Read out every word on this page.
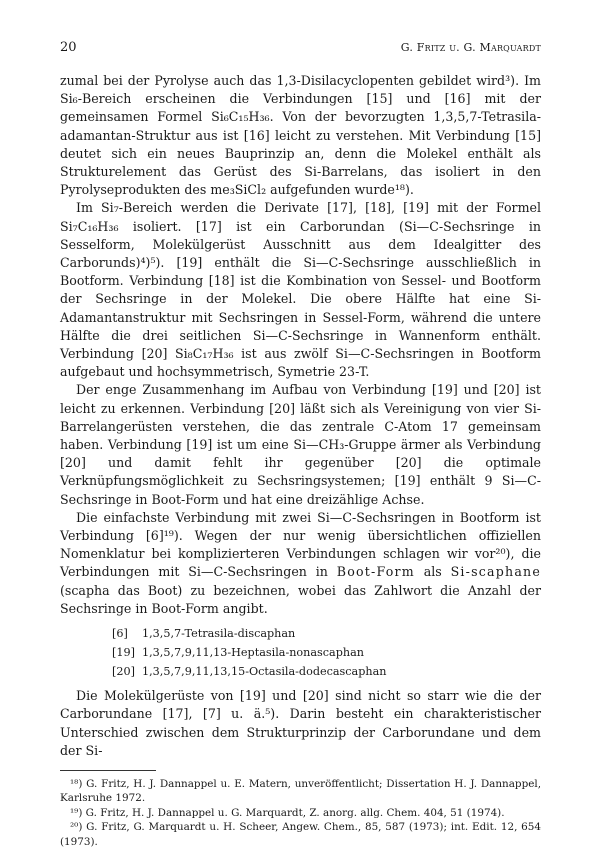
20	G. Fritz u. G. Marquardt

zumal bei der Pyrolyse auch das 1,3-Disilacyclopenten gebildet wird³). Im Si₆-Bereich erscheinen die Verbindungen [15] und [16] mit der gemeinsamen Formel Si₆C₁₅H₃₆. Von der bevorzugten 1,3,5,7-Tetrasila-adamantan-Struktur aus ist [16] leicht zu verstehen. Mit Verbindung [15] deutet sich ein neues Bauprinzip an, denn die Molekel enthält als Strukturelement das Gerüst des Si-Barrelans, das isoliert in den Pyrolyseprodukten des me₃SiCl₂ aufgefunden wurde¹⁸).

Im Si₇-Bereich werden die Derivate [17], [18], [19] mit der Formel Si₇C₁₆H₃₆ isoliert. [17] ist ein Carborundan (Si—C-Sechsringe in Sesselform, Molekülgerüst Ausschnitt aus dem Idealgitter des Carborunds)⁴)⁵). [19] enthält die Si—C-Sechsringe ausschließlich in Bootform. Verbindung [18] ist die Kombination von Sessel- und Bootform der Sechsringe in der Molekel. Die obere Hälfte hat eine Si-Adamantanstruktur mit Sechsringen in Sessel-Form, während die untere Hälfte die drei seitlichen Si—C-Sechsringe in Wannenform enthält. Verbindung [20] Si₈C₁₇H₃₆ ist aus zwölf Si—C-Sechsringen in Bootform aufgebaut und hochsymmetrisch, Symetrie 23-T.

Der enge Zusammenhang im Aufbau von Verbindung [19] und [20] ist leicht zu erkennen. Verbindung [20] läßt sich als Vereinigung von vier Si-Barrelangerüsten verstehen, die das zentrale C-Atom 17 gemeinsam haben. Verbindung [19] ist um eine Si—CH₃-Gruppe ärmer als Verbindung [20] und damit fehlt ihr gegenüber [20] die optimale Verknüpfungsmöglichkeit zu Sechsringsystemen; [19] enthält 9 Si—C-Sechsringe in Boot-Form und hat eine dreizählige Achse.

Die einfachste Verbindung mit zwei Si—C-Sechsringen in Bootform ist Verbindung [6]¹⁹). Wegen der nur wenig übersichtlichen offiziellen Nomenklatur bei komplizierteren Verbindungen schlagen wir vor²⁰), die Verbindungen mit Si—C-Sechsringen in Boot-Form als Si-scaphane (scapha das Boot) zu bezeichnen, wobei das Zahlwort die Anzahl der Sechsringe in Boot-Form angibt.

[6] 1,3,5,7-Tetrasila-discaphan
[19] 1,3,5,7,9,11,13-Heptasila-nonascaphan
[20] 1,3,5,7,9,11,13,15-Octasila-dodecascaphan

Die Molekülgerüste von [19] und [20] sind nicht so starr wie die der Carborundane [17], [7] u. ä.⁵). Darin besteht ein charakteristischer Unterschied zwischen dem Strukturprinzip der Carborundane und dem der Si-

¹⁸) G. Fritz, H. J. Dannappel u. E. Matern, unveröffentlicht; Dissertation H. J. Dannappel, Karlsruhe 1972.

¹⁹) G. Fritz, H. J. Dannappel u. G. Marquardt, Z. anorg. allg. Chem. 404, 51 (1974).

²⁰) G. Fritz, G. Marquardt u. H. Scheer, Angew. Chem., 85, 587 (1973); int. Edit. 12, 654 (1973).
